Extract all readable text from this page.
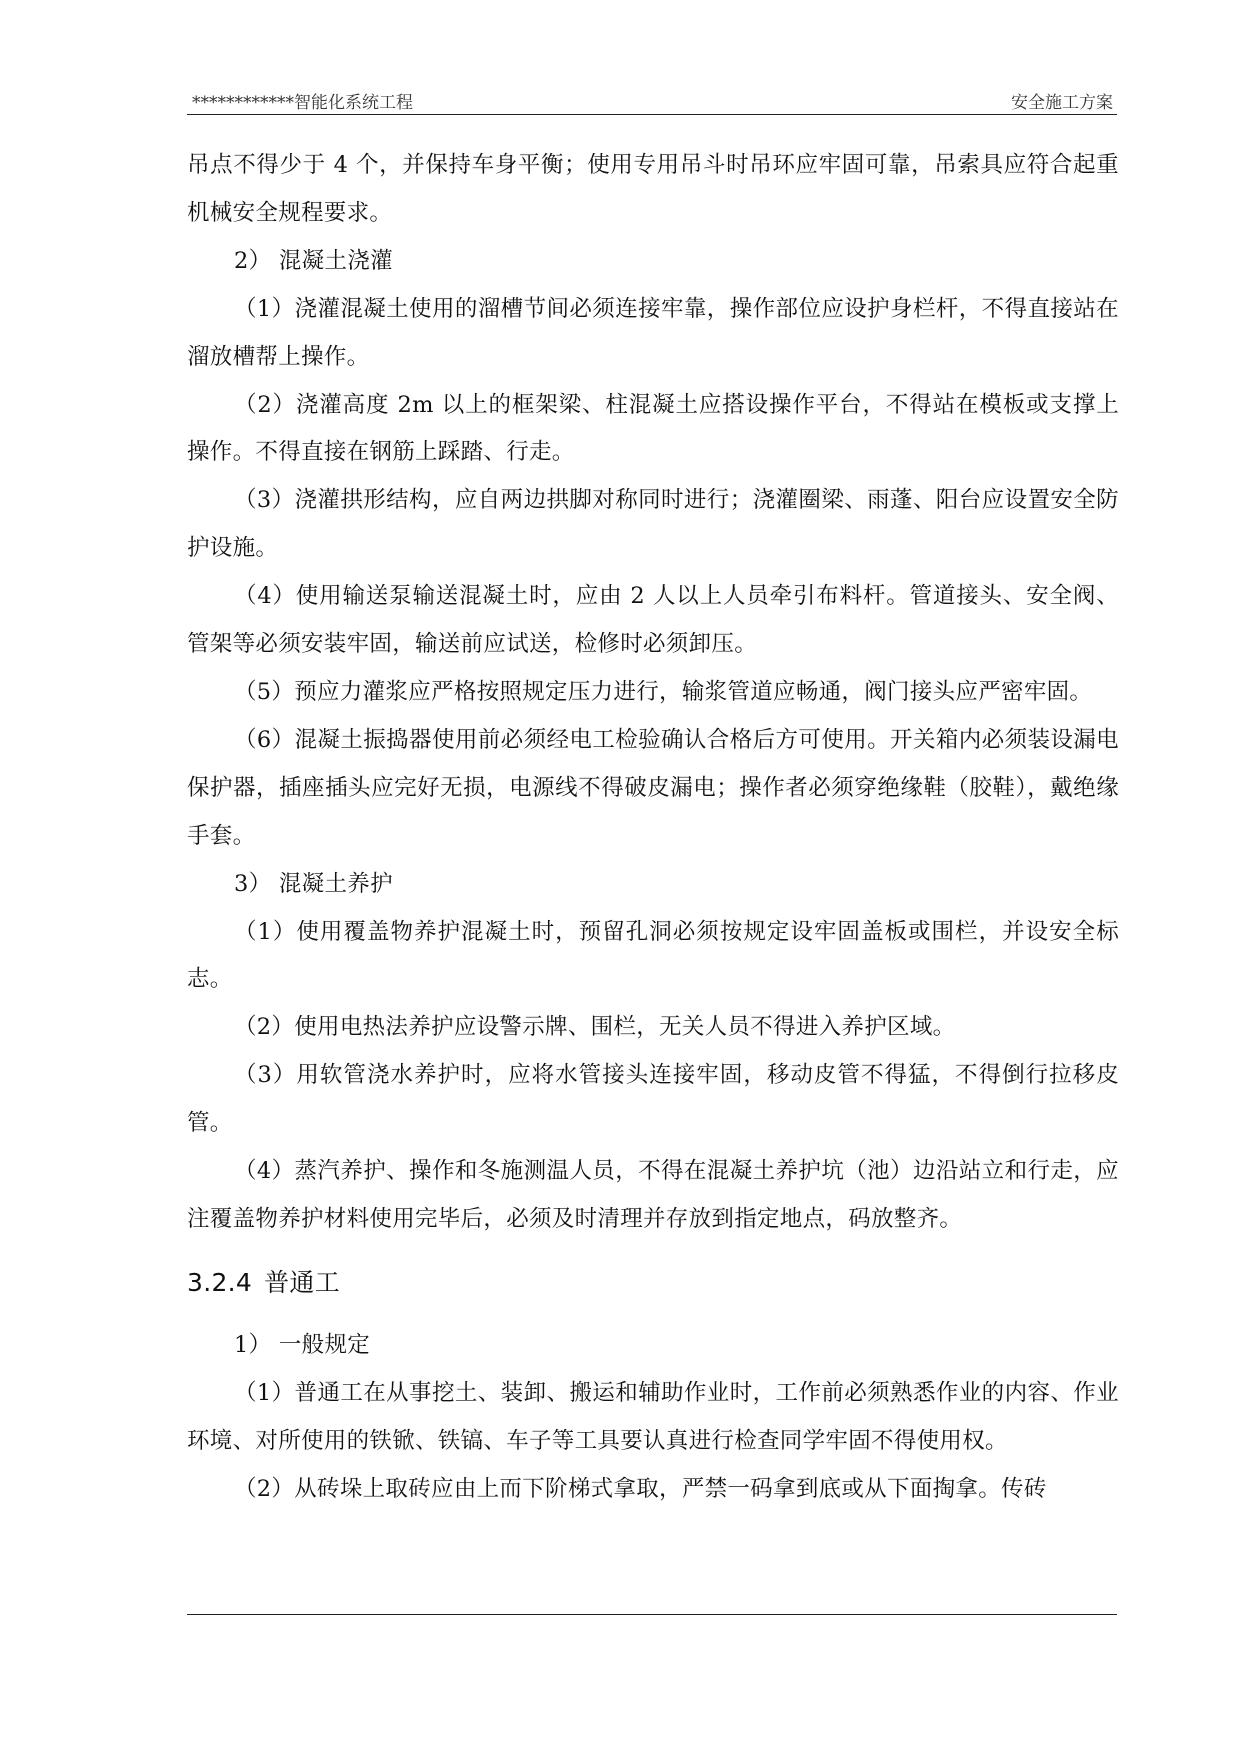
************智能化系统工程	安全施工方案

吊点不得少于 4 个，并保持车身平衡；使用专用吊斗时吊环应牢固可靠，吊索具应符合起重机械安全规程要求。

2） 混凝土浇灌

（1）浇灌混凝土使用的溜槽节间必须连接牢靠，操作部位应设护身栏杆，不得直接站在溜放槽帮上操作。

（2）浇灌高度 2m 以上的框架梁、柱混凝土应搭设操作平台，不得站在模板或支撑上操作。不得直接在钢筋上踩踏、行走。

（3）浇灌拱形结构，应自两边拱脚对称同时进行；浇灌圈梁、雨蓬、阳台应设置安全防护设施。

（4）使用输送泵输送混凝土时，应由 2 人以上人员牵引布料杆。管道接头、安全阀、管架等必须安装牢固，输送前应试送，检修时必须卸压。

（5）预应力灌浆应严格按照规定压力进行，输浆管道应畅通，阀门接头应严密牢固。

（6）混凝土振捣器使用前必须经电工检验确认合格后方可使用。开关箱内必须装设漏电保护器，插座插头应完好无损，电源线不得破皮漏电；操作者必须穿绝缘鞋（胶鞋），戴绝缘手套。

3） 混凝土养护

（1）使用覆盖物养护混凝土时，预留孔洞必须按规定设牢固盖板或围栏，并设安全标志。

（2）使用电热法养护应设警示牌、围栏，无关人员不得进入养护区域。

（3）用软管浇水养护时，应将水管接头连接牢固，移动皮管不得猛，不得倒行拉移皮管。

（4）蒸汽养护、操作和冬施测温人员，不得在混凝土养护坑（池）边沿站立和行走，应注覆盖物养护材料使用完毕后，必须及时清理并存放到指定地点，码放整齐。

3.2.4 普通工

1） 一般规定

（1）普通工在从事挖土、装卸、搬运和辅助作业时，工作前必须熟悉作业的内容、作业环境、对所使用的铁锨、铁镐、车子等工具要认真进行检查同学牢固不得使用权。

（2）从砖垛上取砖应由上而下阶梯式拿取，严禁一码拿到底或从下面掏拿。传砖
